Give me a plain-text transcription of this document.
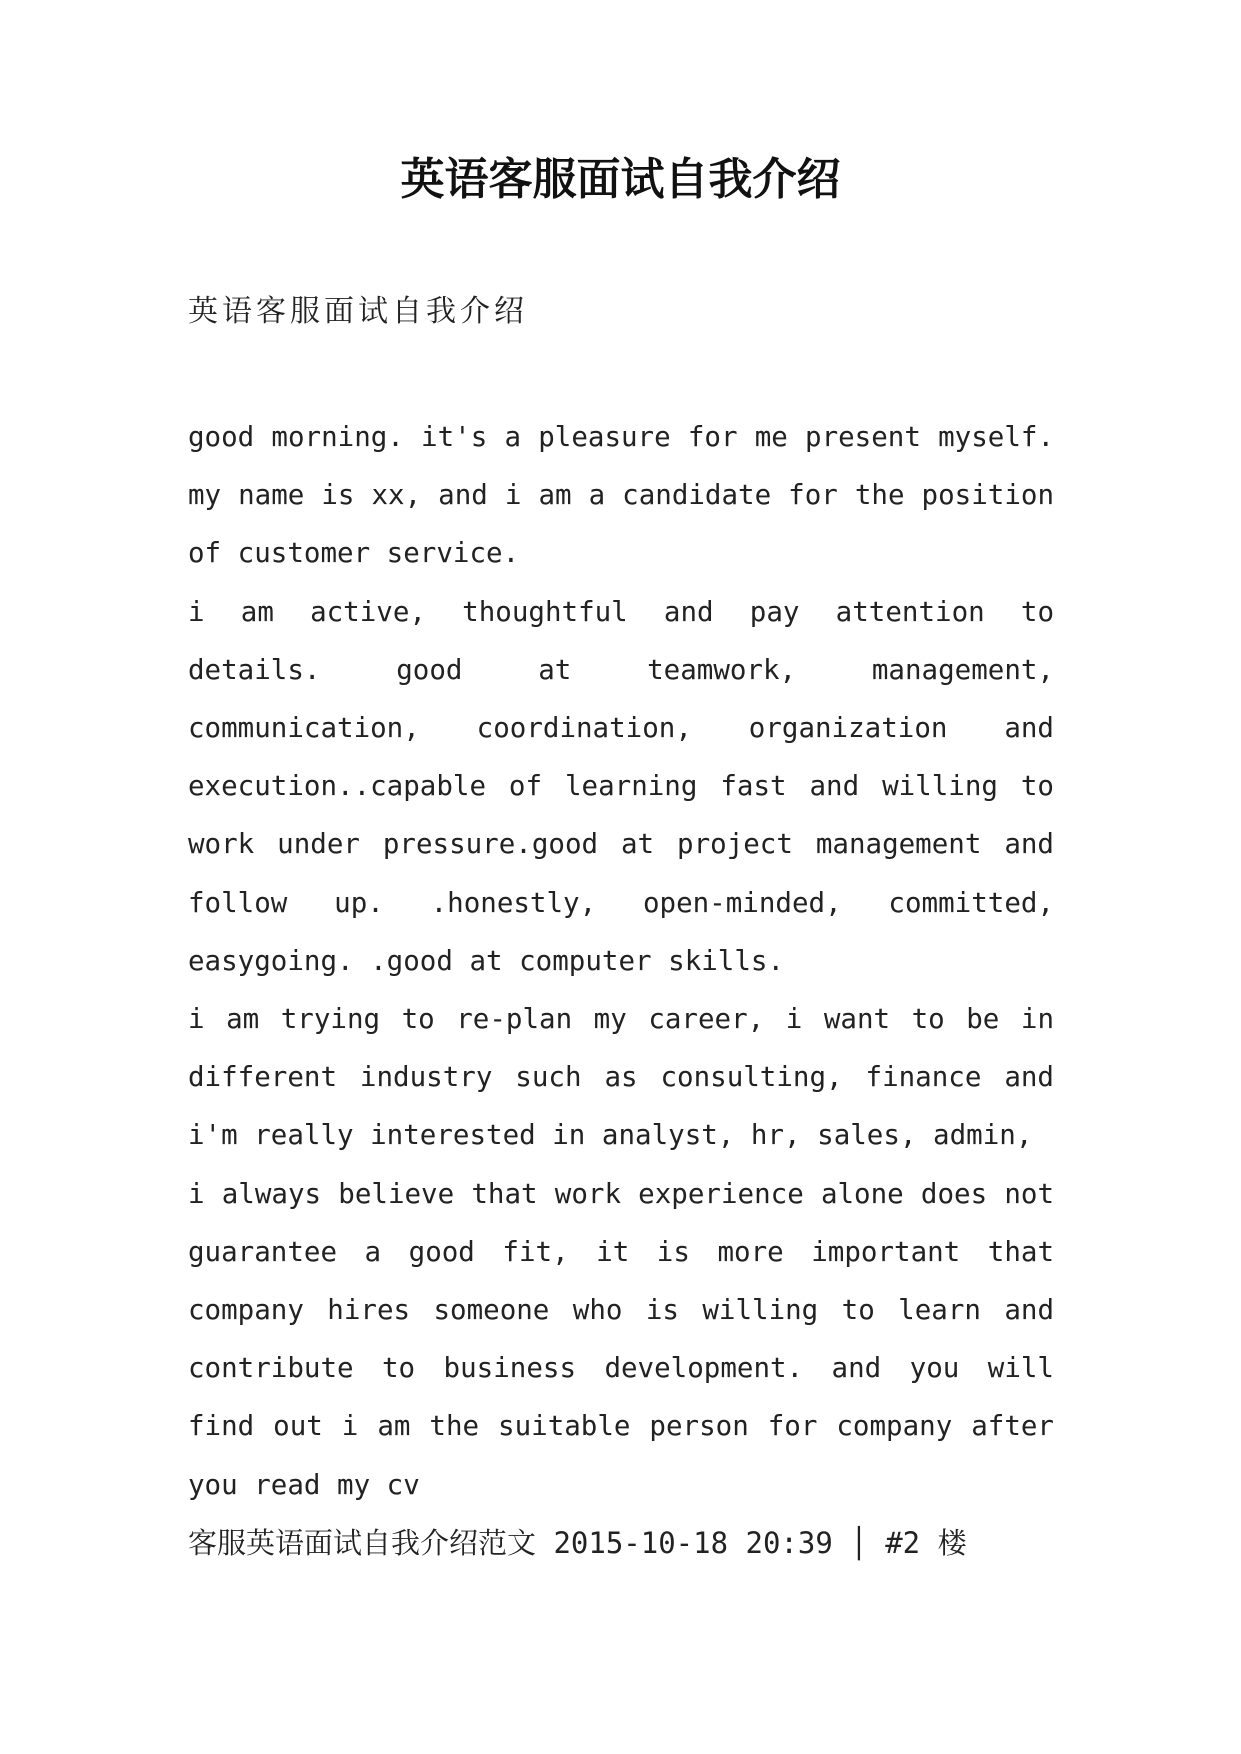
英语客服面试自我介绍
英语客服面试自我介绍

good morning. it's a pleasure for me present myself. my name is xx, and i am a candidate for the position of customer service.

i am active, thoughtful and pay attention to details. good at teamwork, management, communication, coordination, organization and execution..capable of learning fast and willing to work under pressure.good at project management and follow up. .honestly, open-minded, committed, easygoing. .good at computer skills.

i am trying to re-plan my career, i want to be in different industry such as consulting, finance and i'm really interested in analyst, hr, sales, admin,

i always believe that work experience alone does not guarantee a good fit, it is more important that company hires someone who is willing to learn and contribute to business development. and you will find out i am the suitable person for company after you read my cv

客服英语面试自我介绍范文 2015-10-18 20:39 │ #2 楼
